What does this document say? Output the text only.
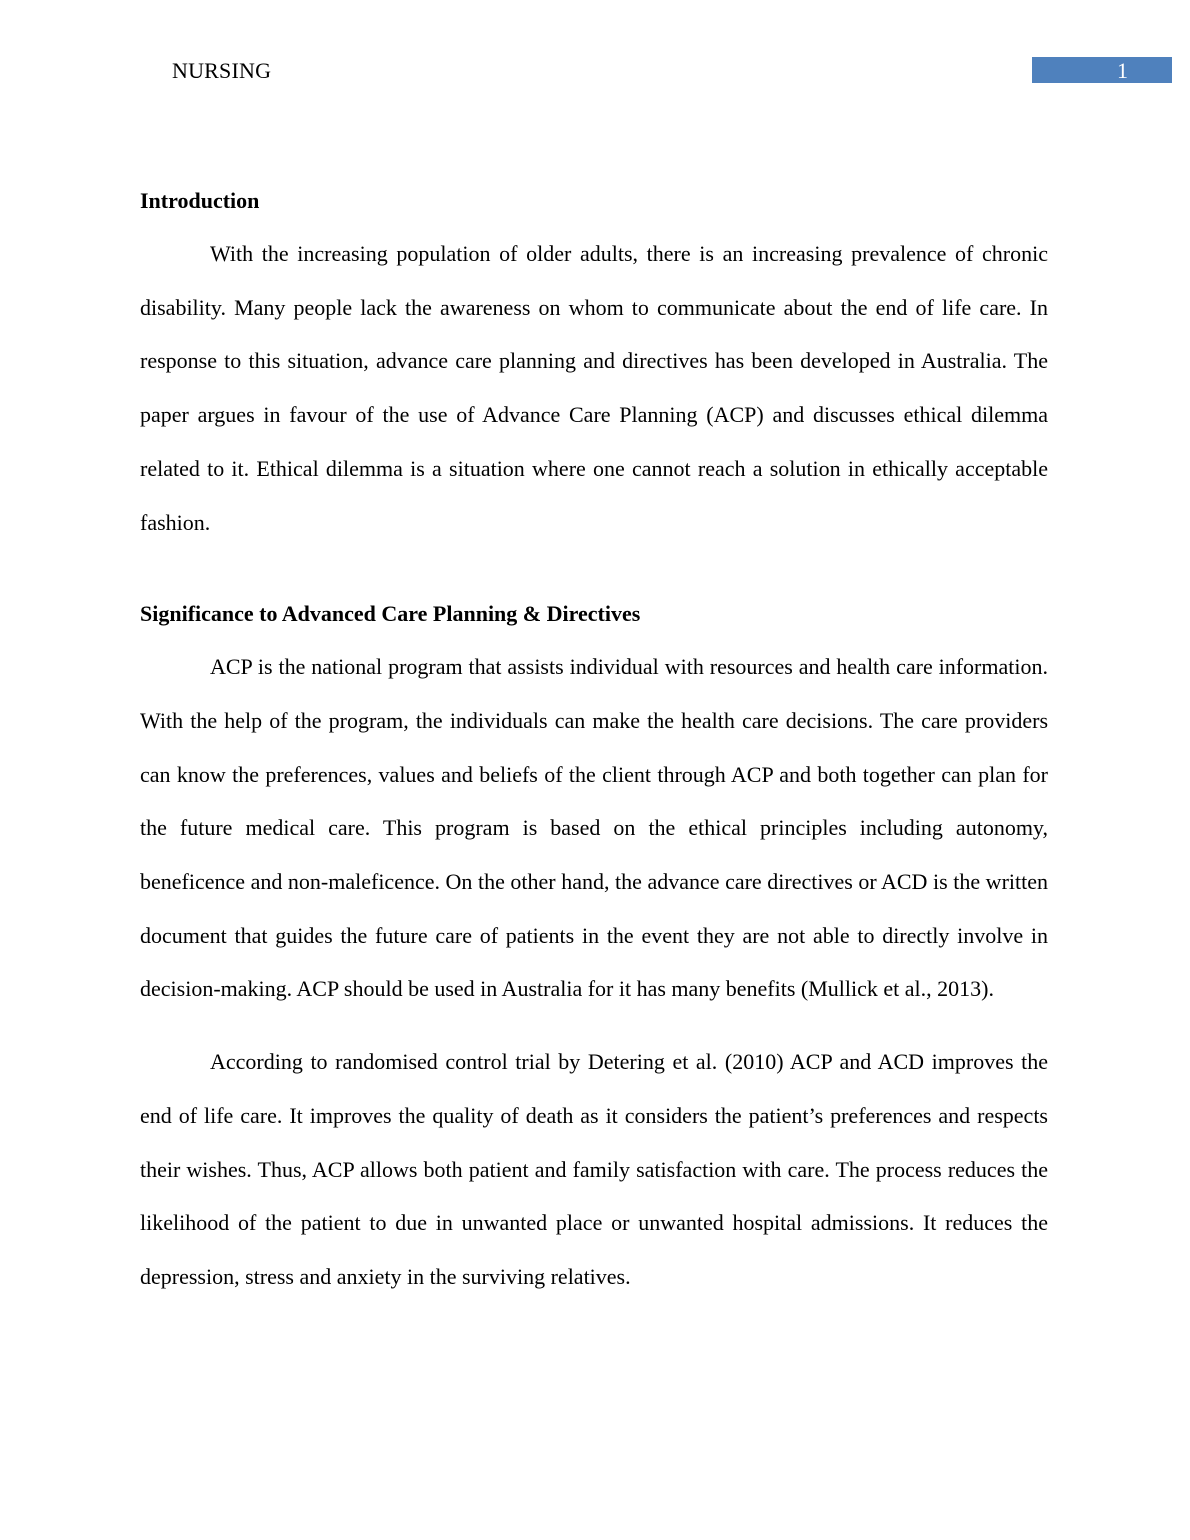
NURSING	1
Introduction

With the increasing population of older adults, there is an increasing prevalence of chronic disability. Many people lack the awareness on whom to communicate about the end of life care. In response to this situation, advance care planning and directives has been developed in Australia. The paper argues in favour of the use of Advance Care Planning (ACP) and discusses ethical dilemma related to it. Ethical dilemma is a situation where one cannot reach a solution in ethically acceptable fashion.

Significance to Advanced Care Planning & Directives

ACP is the national program that assists individual with resources and health care information. With the help of the program, the individuals can make the health care decisions. The care providers can know the preferences, values and beliefs of the client through ACP and both together can plan for the future medical care. This program is based on the ethical principles including autonomy, beneficence and non-maleficence. On the other hand, the advance care directives or ACD is the written document that guides the future care of patients in the event they are not able to directly involve in decision-making. ACP should be used in Australia for it has many benefits (Mullick et al., 2013).

According to randomised control trial by Detering et al. (2010) ACP and ACD improves the end of life care. It improves the quality of death as it considers the patient’s preferences and respects their wishes. Thus, ACP allows both patient and family satisfaction with care. The process reduces the likelihood of the patient to due in unwanted place or unwanted hospital admissions. It reduces the depression, stress and anxiety in the surviving relatives.
